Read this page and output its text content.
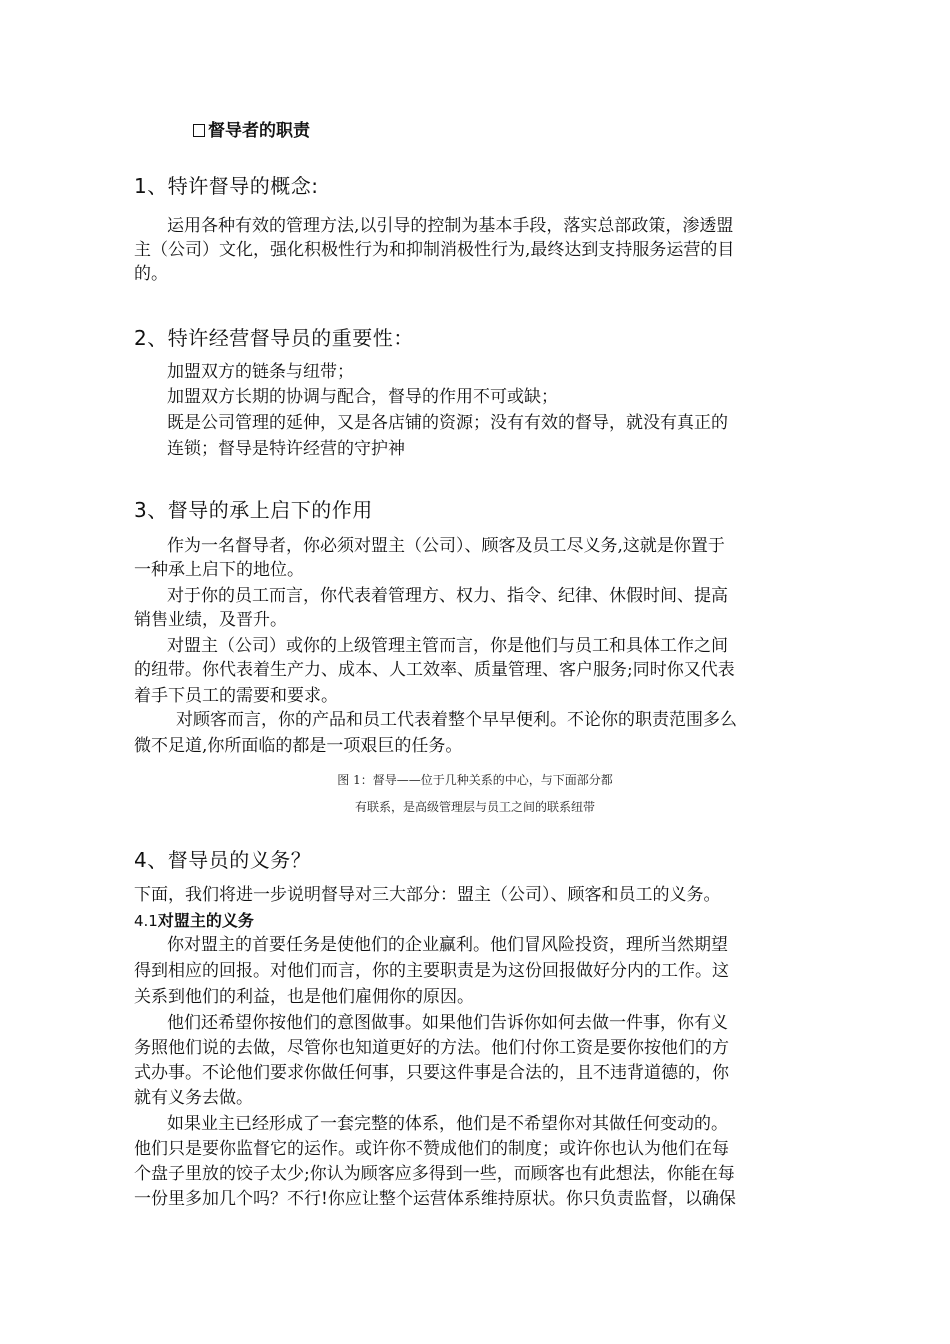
督导者的职责
1、特许督导的概念:
运用各种有效的管理方法,以引导的控制为基本手段，落实总部政策，渗透盟
主（公司）文化，强化积极性行为和抑制消极性行为,最终达到支持服务运营的目
的。
2、特许经营督导员的重要性：
加盟双方的链条与纽带；
加盟双方长期的协调与配合，督导的作用不可或缺；
既是公司管理的延伸，又是各店铺的资源；没有有效的督导，就没有真正的
连锁；督导是特许经营的守护神
3、督导的承上启下的作用
作为一名督导者，你必须对盟主（公司）、顾客及员工尽义务,这就是你置于
一种承上启下的地位。
对于你的员工而言，你代表着管理方、权力、指令、纪律、休假时间、提高
销售业绩，及晋升。
对盟主（公司）或你的上级管理主管而言，你是他们与员工和具体工作之间
的纽带。你代表着生产力、成本、人工效率、质量管理、客户服务;同时你又代表
着手下员工的需要和要求。
对顾客而言，你的产品和员工代表着整个早早便利。不论你的职责范围多么
微不足道,你所面临的都是一项艰巨的任务。
图 1：督导——位于几种关系的中心，与下面部分都
有联系，是高级管理层与员工之间的联系纽带
4、督导员的义务？
下面，我们将进一步说明督导对三大部分：盟主（公司）、顾客和员工的义务。
4.1对盟主的义务
你对盟主的首要任务是使他们的企业赢利。他们冒风险投资，理所当然期望
得到相应的回报。对他们而言，你的主要职责是为这份回报做好分内的工作。这
关系到他们的利益，也是他们雇佣你的原因。
他们还希望你按他们的意图做事。如果他们告诉你如何去做一件事，你有义
务照他们说的去做，尽管你也知道更好的方法。他们付你工资是要你按他们的方
式办事。不论他们要求你做任何事，只要这件事是合法的，且不违背道德的，你
就有义务去做。
如果业主已经形成了一套完整的体系，他们是不希望你对其做任何变动的。
他们只是要你监督它的运作。或许你不赞成他们的制度；或许你也认为他们在每
个盘子里放的饺子太少;你认为顾客应多得到一些，而顾客也有此想法，你能在每
一份里多加几个吗？不行!你应让整个运营体系维持原状。你只负责监督，以确保
